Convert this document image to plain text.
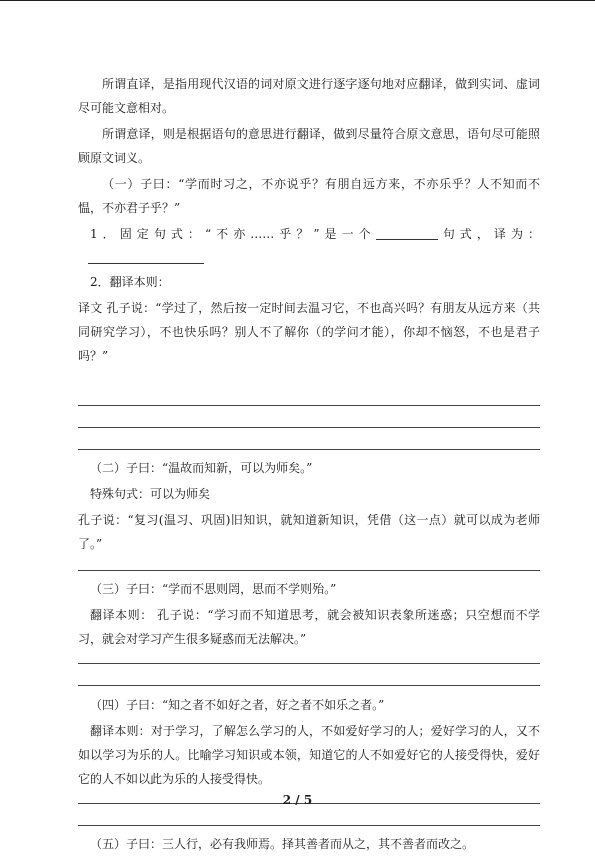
所谓直译，是指用现代汉语的词对原文进行逐字逐句地对应翻译，做到实词、虚词尽可能文意相对。

所谓意译，则是根据语句的意思进行翻译，做到尽量符合原文意思，语句尽可能照顾原文词义。

（一）子曰：“学而时习之，不亦说乎？有朋自远方来，不亦乐乎？人不知而不愠，不亦君子乎？”

1．固定句式：“不亦……乎？”是一个	句式，译为：

2．翻译本则：

译文 孔子说：“学过了，然后按一定时间去温习它，不也高兴吗？有朋友从远方来（共同研究学习），不也快乐吗？别人不了解你（的学问才能），你却不恼怒，不也是君子吗？”

（二）子曰：“温故而知新，可以为师矣。”

特殊句式：可以为师矣

孔子说：“复习(温习、巩固)旧知识，就知道新知识，凭借（这一点）就可以成为老师了。”

（三）子曰：“学而不思则罔，思而不学则殆。”

翻译本则： 孔子说：“学习而不知道思考，就会被知识表象所迷惑；只空想而不学习，就会对学习产生很多疑惑而无法解决。”

（四）子曰：“知之者不如好之者，好之者不如乐之者。”

翻译本则：对于学习，了解怎么学习的人，不如爱好学习的人；爱好学习的人，又不如以学习为乐的人。比喻学习知识或本领，知道它的人不如爱好它的人接受得快，爱好它的人不如以此为乐的人接受得快。

（五）子曰：三人行，必有我师焉。择其善者而从之，其不善者而改之。

2 / 5
